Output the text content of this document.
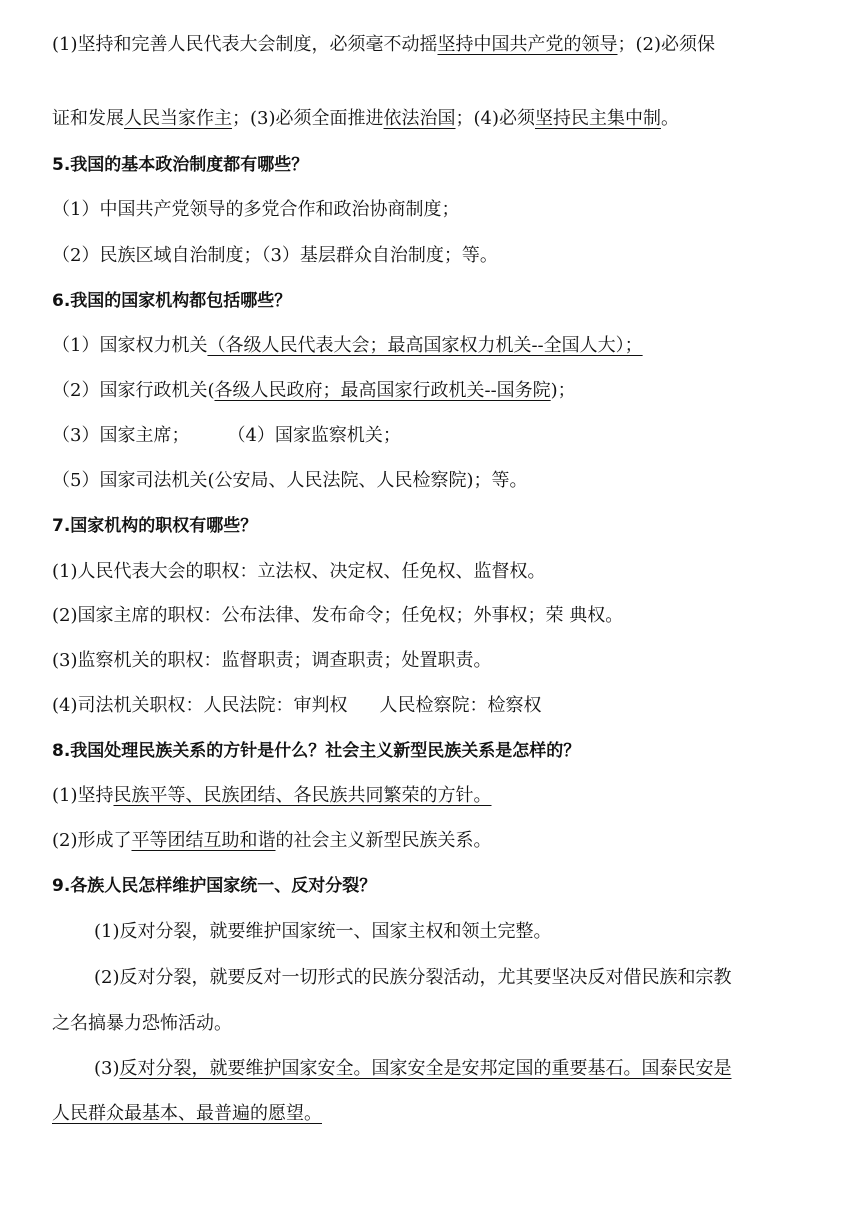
(1)坚持和完善人民代表大会制度，必须毫不动摇坚持中国共产党的领导；(2)必须保
证和发展人民当家作主；(3)必须全面推进依法治国；(4)必须坚持民主集中制。
5.我国的基本政治制度都有哪些？
（1）中国共产党领导的多党合作和政治协商制度；
（2）民族区域自治制度；（3）基层群众自治制度；等。
6.我国的国家机构都包括哪些？
（1）国家权力机关（各级人民代表大会；最高国家权力机关--全国人大）；
（2）国家行政机关(各级人民政府；最高国家行政机关--国务院)；
（3）国家主席； （4）国家监察机关；
（5）国家司法机关(公安局、人民法院、人民检察院)；等。
7.国家机构的职权有哪些？
(1)人民代表大会的职权：立法权、决定权、任免权、监督权。
(2)国家主席的职权：公布法律、发布命令；任免权；外事权；荣 典权。
(3)监察机关的职权：监督职责；调查职责；处置职责。
(4)司法机关职权：人民法院：审判权 人民检察院：检察权
8.我国处理民族关系的方针是什么？社会主义新型民族关系是怎样的？
(1)坚持民族平等、民族团结、各民族共同繁荣的方针。
(2)形成了平等团结互助和谐的社会主义新型民族关系。
9.各族人民怎样维护国家统一、反对分裂？
(1)反对分裂，就要维护国家统一、国家主权和领土完整。
(2)反对分裂，就要反对一切形式的民族分裂活动，尤其要坚决反对借民族和宗教
之名搞暴力恐怖活动。
(3)反对分裂，就要维护国家安全。国家安全是安邦定国的重要基石。国泰民安是
人民群众最基本、最普遍的愿望。
